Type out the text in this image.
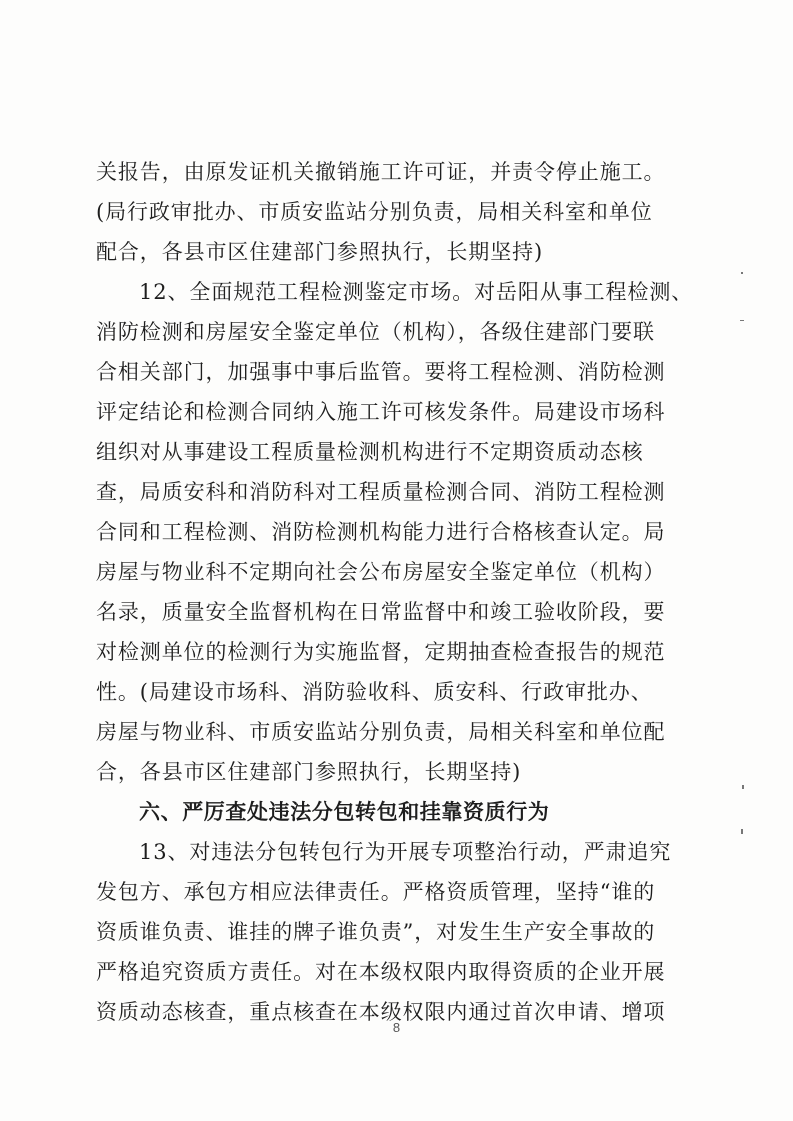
关报告，由原发证机关撤销施工许可证，并责令停止施工。
(局行政审批办、市质安监站分别负责，局相关科室和单位
配合，各县市区住建部门参照执行，长期坚持)
12、全面规范工程检测鉴定市场。对岳阳从事工程检测、
消防检测和房屋安全鉴定单位（机构），各级住建部门要联
合相关部门，加强事中事后监管。要将工程检测、消防检测
评定结论和检测合同纳入施工许可核发条件。局建设市场科
组织对从事建设工程质量检测机构进行不定期资质动态核
查，局质安科和消防科对工程质量检测合同、消防工程检测
合同和工程检测、消防检测机构能力进行合格核查认定。局
房屋与物业科不定期向社会公布房屋安全鉴定单位（机构）
名录，质量安全监督机构在日常监督中和竣工验收阶段，要
对检测单位的检测行为实施监督，定期抽查检查报告的规范
性。(局建设市场科、消防验收科、质安科、行政审批办、
房屋与物业科、市质安监站分别负责，局相关科室和单位配
合，各县市区住建部门参照执行，长期坚持)
六、严厉查处违法分包转包和挂靠资质行为
13、对违法分包转包行为开展专项整治行动，严肃追究
发包方、承包方相应法律责任。严格资质管理，坚持“谁的
资质谁负责、谁挂的牌子谁负责”，对发生生产安全事故的
严格追究资质方责任。对在本级权限内取得资质的企业开展
资质动态核查，重点核查在本级权限内通过首次申请、增项
8
